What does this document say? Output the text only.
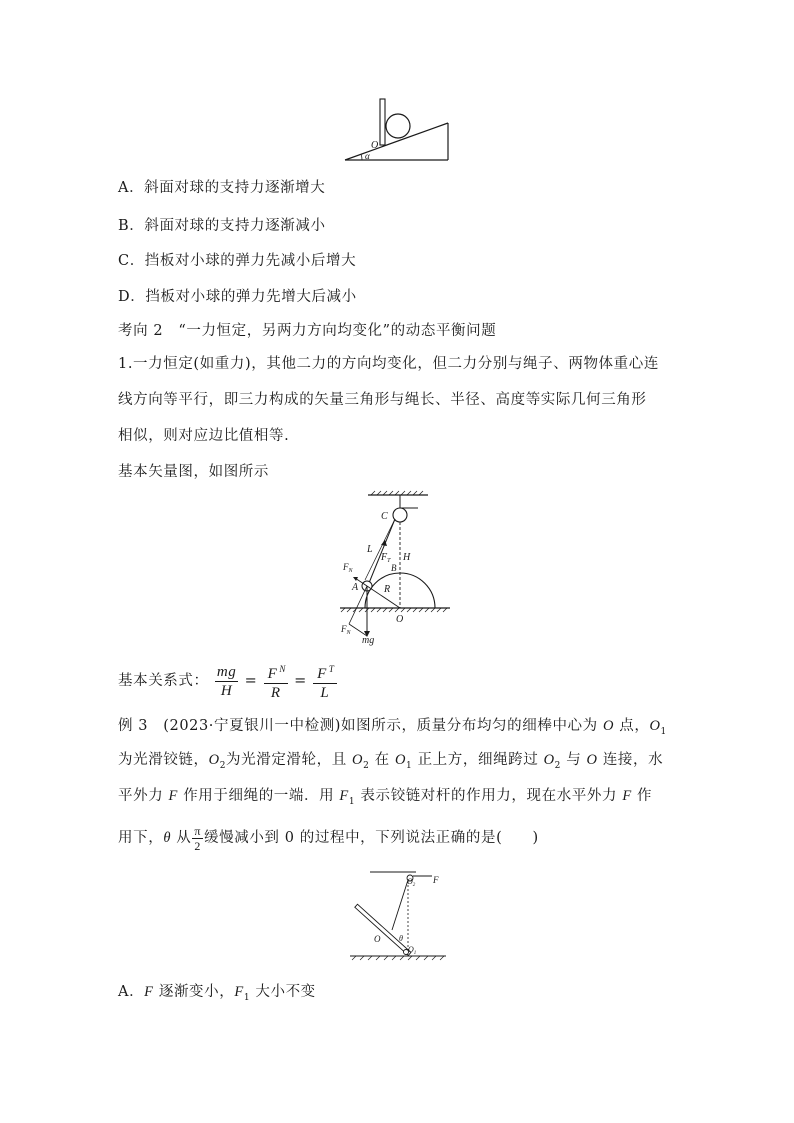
O
α
A．斜面对球的支持力逐渐增大
B．斜面对球的支持力逐渐减小
C．挡板对小球的弹力先减小后增大
D．挡板对小球的弹力先增大后减小
考向 2　“一力恒定，另两力方向均变化”的动态平衡问题
1.一力恒定(如重力)，其他二力的方向均变化，但二力分别与绳子、两物体重心连
线方向等平行，即三力构成的矢量三角形与绳长、半径、高度等实际几何三角形
相似，则对应边比值相等.
基本矢量图，如图所示
C
L
$F_T$ H
B
$F_N$
A	R
O
$F_N$
mg
基本关系式： $\frac{mg}{H} = \frac{F ^N}{R} = \frac{F ^T}{L}$
例 3　(2023·宁夏银川一中检测)如图所示，质量分布均匀的细棒中心为 O 点，$O_1$
为光滑铰链，$O_2$为光滑定滑轮，且 $O_2$ 在 $O_1$ 正上方，细绳跨过 $O_2$ 与 O 连接，水
平外力 F 作用于细绳的一端．用 $F_1$ 表示铰链对杆的作用力，现在水平外力 F 作
用下，θ 从 $\frac{\pi}{2}$ 缓慢减小到 0 的过程中，下列说法正确的是(　　)
$O_2$
F
O θ
$O_1$
A．F 逐渐变小，$F_1$ 大小不变
